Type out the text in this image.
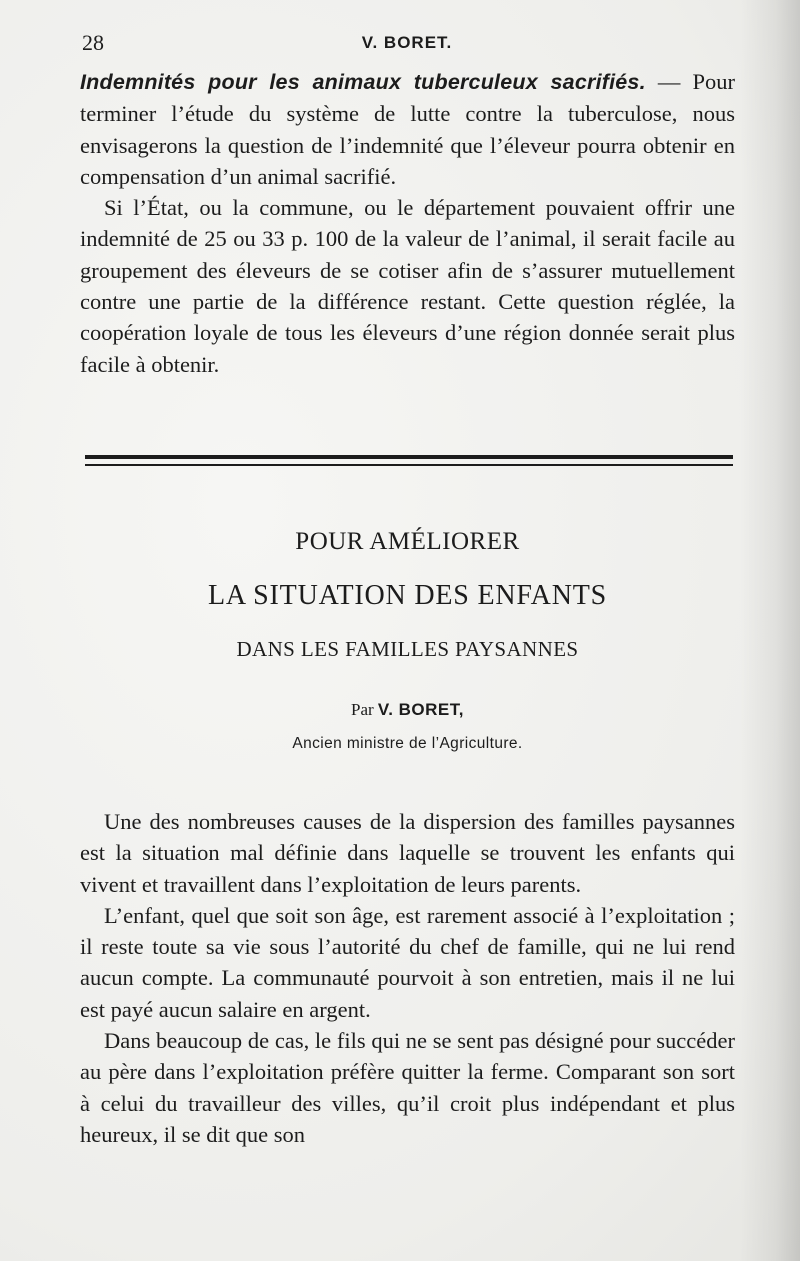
28	V. BORET.

Indemnités pour les animaux tuberculeux sacrifiés. — Pour terminer l’étude du système de lutte contre la tuberculose, nous envisagerons la question de l’indemnité que l’éleveur pourra obtenir en compensation d’un animal sacrifié.

Si l’État, ou la commune, ou le département pouvaient offrir une indemnité de 25 ou 33 p. 100 de la valeur de l’animal, il serait facile au groupement des éleveurs de se cotiser afin de s’assurer mutuellement contre une partie de la différence restant. Cette question réglée, la coopération loyale de tous les éleveurs d’une région donnée serait plus facile à obtenir.

POUR AMÉLIORER
LA SITUATION DES ENFANTS
DANS LES FAMILLES PAYSANNES
Par V. BORET,
Ancien ministre de l’Agriculture.

Une des nombreuses causes de la dispersion des familles paysannes est la situation mal définie dans laquelle se trouvent les enfants qui vivent et travaillent dans l’exploitation de leurs parents.

L’enfant, quel que soit son âge, est rarement associé à l’exploitation ; il reste toute sa vie sous l’autorité du chef de famille, qui ne lui rend aucun compte. La communauté pourvoit à son entretien, mais il ne lui est payé aucun salaire en argent.

Dans beaucoup de cas, le fils qui ne se sent pas désigné pour succéder au père dans l’exploitation préfère quitter la ferme. Comparant son sort à celui du travailleur des villes, qu’il croit plus indépendant et plus heureux, il se dit que son
